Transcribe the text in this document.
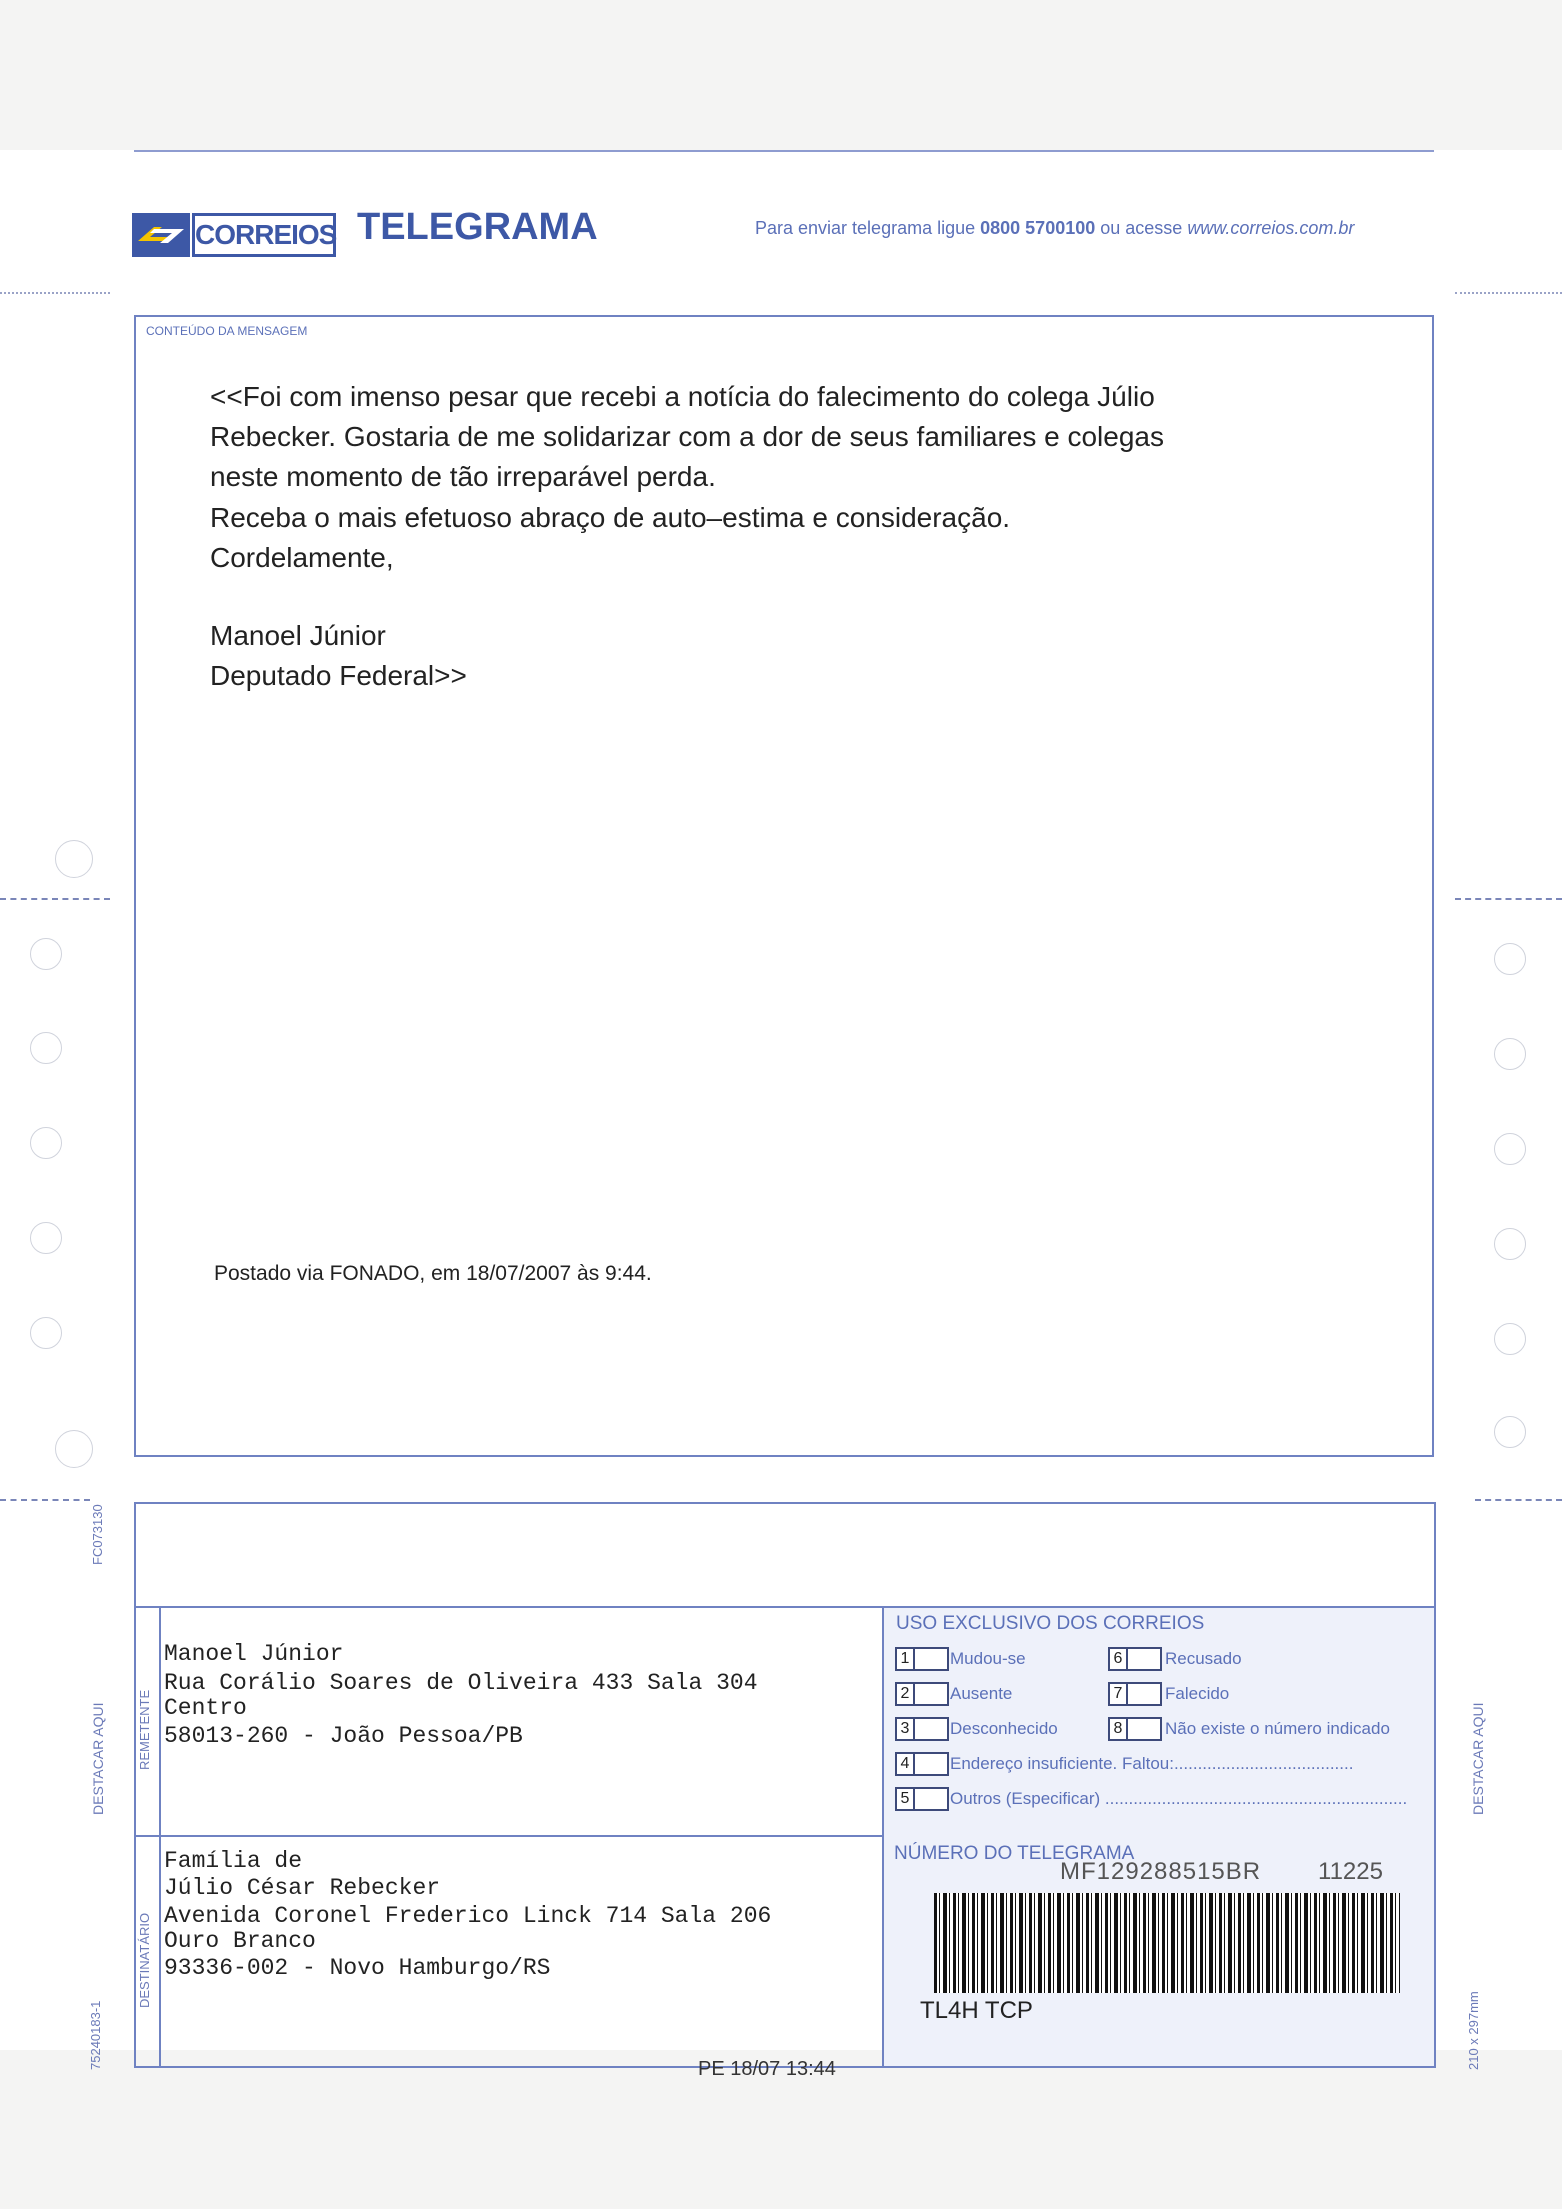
CORREIOS TELEGRAMA	Para enviar telegrama ligue 0800 5700100 ou acesse www.correios.com.br
CONTEÚDO DA MENSAGEM
<<Foi com imenso pesar que recebi a notícia do falecimento do colega Júlio
Rebecker. Gostaria de me solidarizar com a dor de seus familiares e colegas
neste momento de tão irreparável perda.
Receba o mais efetuoso abraço de auto–estima e consideração.
Cordelamente,
Manoel Júnior
Deputado Federal>>
Postado via FONADO, em 18/07/2007 às 9:44.
FC073130
DESTACAR AQUI
75240183-1
DESTACAR AQUI
210 x 297mm
REMETENTE
DESTINATÁRIO
Manoel Júnior
Rua Corálio Soares de Oliveira 433 Sala 304
Centro
58013-260 - João Pessoa/PB
Família de
Júlio César Rebecker
Avenida Coronel Frederico Linck 714 Sala 206
Ouro Branco
93336-002 - Novo Hamburgo/RS
USO EXCLUSIVO DOS CORREIOS
1	Mudou-se	6	Recusado
2	Ausente	7	Falecido
3	Desconhecido	8	Não existe o número indicado
4	Endereço insuficiente. Faltou:......................................
5	Outros (Especificar) ................................................................
NÚMERO DO TELEGRAMA
MF129288515BR 11225
TL4H TCP
PE 18/07 13:44
